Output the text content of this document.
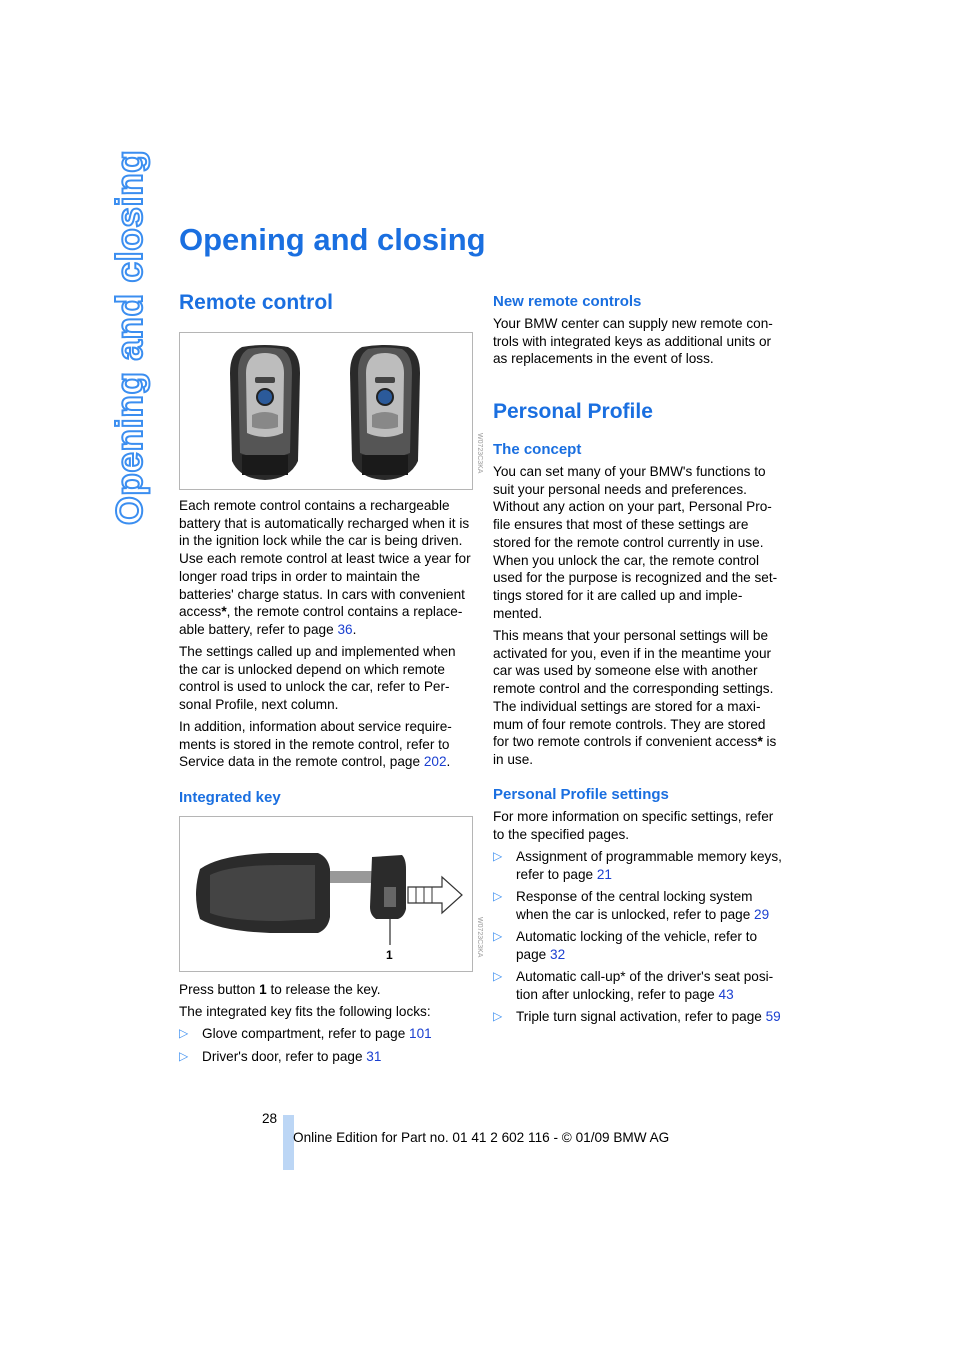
Opening and closing Opening and closing
Remote control
W0723C3KA

Each remote control contains a rechargeable battery that is automatically recharged when it is in the ignition lock while the car is being driven. Use each remote control at least twice a year for longer road trips in order to maintain the batteries' charge status. In cars with convenient access*, the remote control contains a replace-able battery, refer to page 36.

The settings called up and implemented when the car is unlocked depend on which remote control is used to unlock the car, refer to Per-sonal Profile, next column.

In addition, information about service require-ments is stored in the remote control, refer to Service data in the remote control, page 202.

Integrated key
1	W0723C3KA

Press button 1 to release the key.

The integrated key fits the following locks:

▷ Glove compartment, refer to page 101
▷ Driver's door, refer to page 31
New remote controls

Your BMW center can supply new remote con-trols with integrated keys as additional units or as replacements in the event of loss.

Personal Profile
The concept

You can set many of your BMW's functions to suit your personal needs and preferences. Without any action on your part, Personal Pro-file ensures that most of these settings are stored for the remote control currently in use. When you unlock the car, the remote control used for the purpose is recognized and the set-tings stored for it are called up and imple-mented.

This means that your personal settings will be activated for you, even if in the meantime your car was used by someone else with another remote control and the corresponding settings. The individual settings are stored for a maxi-mum of four remote controls. They are stored for two remote controls if convenient access* is in use.

Personal Profile settings

For more information on specific settings, refer to the specified pages.

▷ Assignment of programmable memory keys, refer to page 21
▷ Response of the central locking system when the car is unlocked, refer to page 29
▷ Automatic locking of the vehicle, refer to page 32
▷ Automatic call-up* of the driver's seat posi-tion after unlocking, refer to page 43
▷ Triple turn signal activation, refer to page 59
28
Online Edition for Part no. 01 41 2 602 116 - © 01/09 BMW AG
